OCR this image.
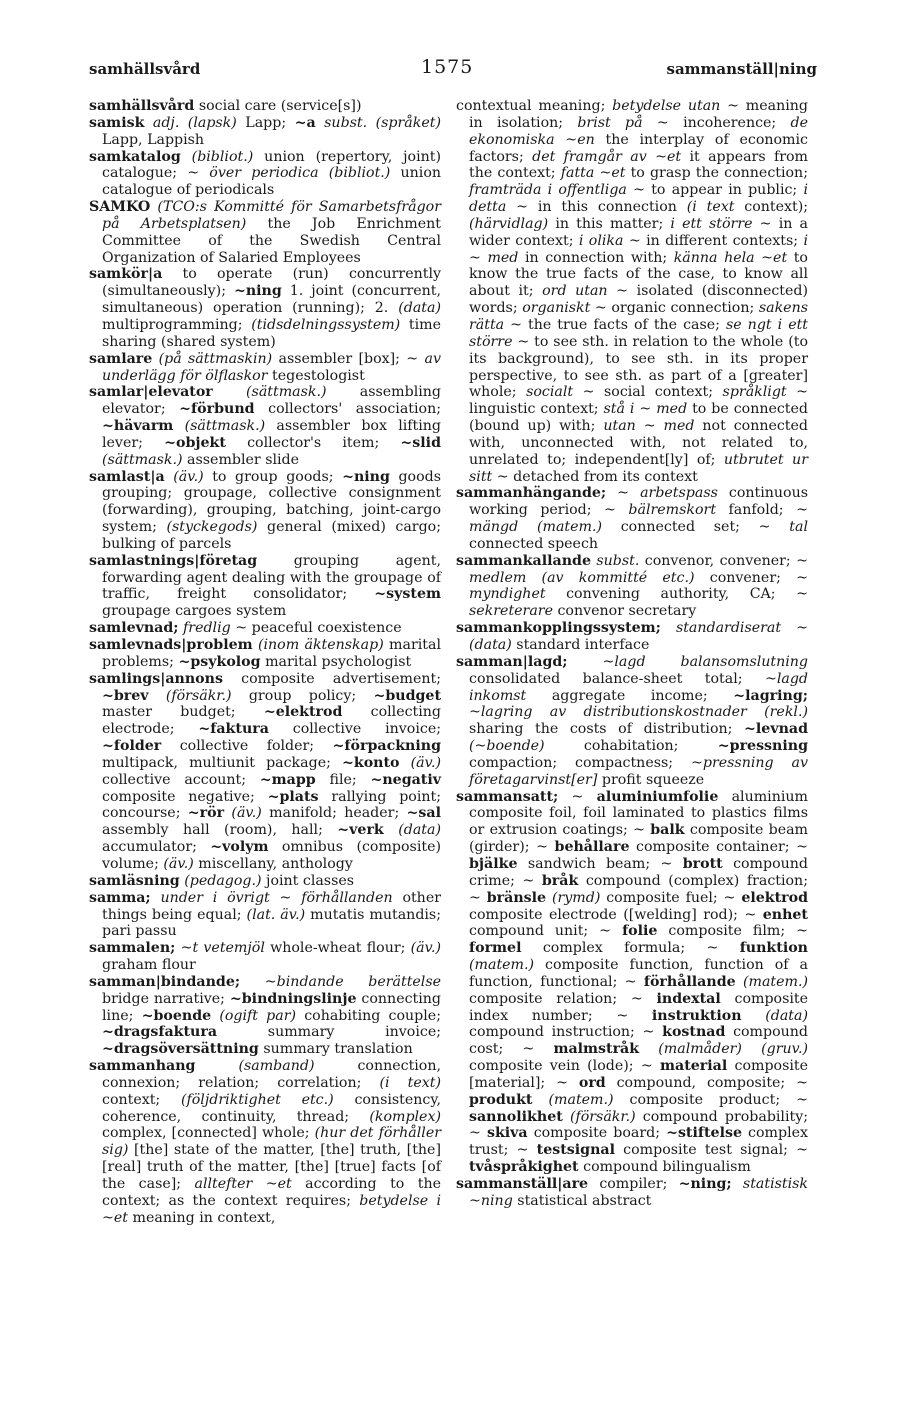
samhällsvård	1575	sammanställ|ning

samhällsvård social care (service[s])

samisk adj. (lapsk) Lapp; ~a subst. (språket) Lapp, Lappish

samkatalog (bibliot.) union (repertory, joint) catalogue; ~ över periodica (bibliot.) union catalogue of periodicals

SAMKO (TCO:s Kommitté för Samarbetsfrågor på Arbetsplatsen) the Job Enrichment Committee of the Swedish Central Organization of Salaried Employees

samkör|a to operate (run) concurrently (simultaneously); ~ning 1. joint (concurrent, simultaneous) operation (running); 2. (data) multiprogramming; (tidsdelningssystem) time sharing (shared system)

samlare (på sättmaskin) assembler [box]; ~ av underlägg för ölflaskor tegestologist

samlar|elevator (sättmask.) assembling elevator; ~förbund collectors' association; ~hävarm (sättmask.) assembler box lifting lever; ~objekt collector's item; ~slid (sättmask.) assembler slide

samlast|a (äv.) to group goods; ~ning goods grouping; groupage, collective consignment (forwarding), grouping, batching, joint-cargo system; (styckegods) general (mixed) cargo; bulking of parcels

samlastnings|företag grouping agent, forwarding agent dealing with the groupage of traffic, freight consolidator; ~system groupage cargoes system

samlevnad; fredlig ~ peaceful coexistence

samlevnads|problem (inom äktenskap) marital problems; ~psykolog marital psychologist

samlings|annons composite advertisement; ~brev (försäkr.) group policy; ~budget master budget; ~elektrod collecting electrode; ~faktura collective invoice; ~folder collective folder; ~förpackning multipack, multiunit package; ~konto (äv.) collective account; ~mapp file; ~negativ composite negative; ~plats rallying point; concourse; ~rör (äv.) manifold; header; ~sal assembly hall (room), hall; ~verk (data) accumulator; ~volym omnibus (composite) volume; (äv.) miscellany, anthology

samläsning (pedagog.) joint classes

samma; under i övrigt ~ förhållanden other things being equal; (lat. äv.) mutatis mutandis; pari passu

sammalen; ~t vetemjöl whole-wheat flour; (äv.) graham flour

samman|bindande; ~bindande berättelse bridge narrative; ~bindningslinje connecting line; ~boende (ogift par) cohabiting couple; ~dragsfaktura summary invoice; ~dragsöversättning summary translation

sammanhang	(samband) connection, connexion; relation; correlation; (i text) context; (följdriktighet etc.) consistency, coherence, continuity, thread; (komplex) complex, [connected] whole; (hur det förhåller sig) [the] state of the matter, [the] truth, [the] [real] truth of the matter, [the] [true] facts [of the case]; alltefter ~et according to the context; as the context requires; betydelse i ~et meaning in context,

contextual meaning; betydelse utan ~ meaning in isolation; brist på ~ incoherence; de ekonomiska ~en the interplay of economic factors; det framgår av ~et it appears from the context; fatta ~et to grasp the connection; framträda i offentliga ~ to appear in public; i detta ~ in this connection (i text context); (härvidlag) in this matter; i ett större ~ in a wider context; i olika ~ in different contexts; i ~ med in connection with; känna hela ~et to know the true facts of the case, to know all about it; ord utan ~ isolated (disconnected) words; organiskt ~ organic connection; sakens rätta ~ the true facts of the case; se ngt i ett större ~ to see sth. in relation to the whole (to its background), to see sth. in its proper perspective, to see sth. as part of a [greater] whole; socialt ~ social context; språkligt ~ linguistic context; stå i ~ med to be connected (bound up) with; utan ~ med not connected with, unconnected with, not related to, unrelated to; independent[ly] of; utbrutet ur sitt ~ detached from its context

sammanhängande; ~ arbetspass continuous working period; ~ bälremskort fanfold; ~ mängd (matem.) connected set; ~ tal connected speech

sammankallande subst. convenor, convener; ~ medlem (av kommitté etc.) convener; ~ myndighet convening authority, CA; ~ sekreterare convenor secretary

sammankopplingssystem; standardiserat ~ (data) standard interface

samman|lagd; ~lagd balansomslutning consolidated balance-sheet total; ~lagd inkomst aggregate income; ~lagring; ~lagring av distributionskostnader (rekl.) sharing the costs of distribution; ~levnad (~boende) cohabitation; ~pressning compaction; compactness; ~pressning av företagarvinst[er] profit squeeze

sammansatt; ~ aluminiumfolie aluminium composite foil, foil laminated to plastics films or extrusion coatings; ~ balk composite beam (girder); ~ behållare composite container; ~ bjälke sandwich beam; ~ brott compound crime; ~ bråk compound (complex) fraction; ~ bränsle (rymd) composite fuel; ~ elektrod composite electrode ([welding] rod); ~ enhet compound unit; ~ folie composite film; ~ formel complex formula; ~ funktion (matem.) composite function, function of a function, functional; ~ förhållande (matem.) composite relation; ~ indextal composite index number; ~ instruktion (data) compound instruction; ~ kostnad compound cost; ~ malmstråk (malmåder) (gruv.) composite vein (lode); ~ material composite [material]; ~ ord compound, composite; ~ produkt (matem.) composite product; ~ sannolikhet (försäkr.) compound probability; ~ skiva composite board; ~stiftelse complex trust; ~ testsignal composite test signal; ~ tvåspråkighet compound bilingualism

sammanställ|are compiler; ~ning; statistisk ~ning statistical abstract
